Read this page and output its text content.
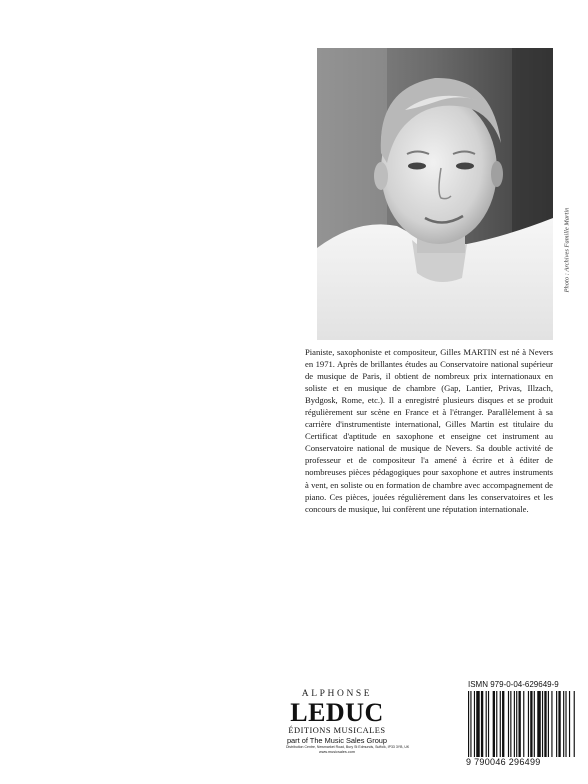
Photo : Archives Famille Martin

Pianiste, saxophoniste et compositeur, Gilles MARTIN est né à Nevers en 1971. Après de brillantes études au Conservatoire national supérieur de musique de Paris, il obtient de nombreux prix internationaux en soliste et en musique de chambre (Gap, Lantier, Privas, Illzach, Bydgosk, Rome, etc.). Il a enregistré plusieurs disques et se produit régulièrement sur scène en France et à l'étranger. Parallèlement à sa carrière d'instrumentiste international, Gilles Martin est titulaire du Certificat d'aptitude en saxophone et enseigne cet instrument au Conservatoire national de musique de Nevers. Sa double activité de professeur et de compositeur l'a amené à écrire et à éditer de nombreuses pièces pédagogiques pour saxophone et autres instruments à vent, en soliste ou en formation de chambre avec accompagnement de piano. Ces pièces, jouées régulièrement dans les conservatoires et les concours de musique, lui confèrent une réputation internationale.

ALPHONSE
LEDUC
ÉDITIONS MUSICALES
part of The Music Sales Group
Distribution Centre, Newmarket Road, Bury St Edmunds, Suffolk, IP33 3YB, UK
www.musicsales.com
ISMN 979-0-04-629649-9
9 790046 296499
